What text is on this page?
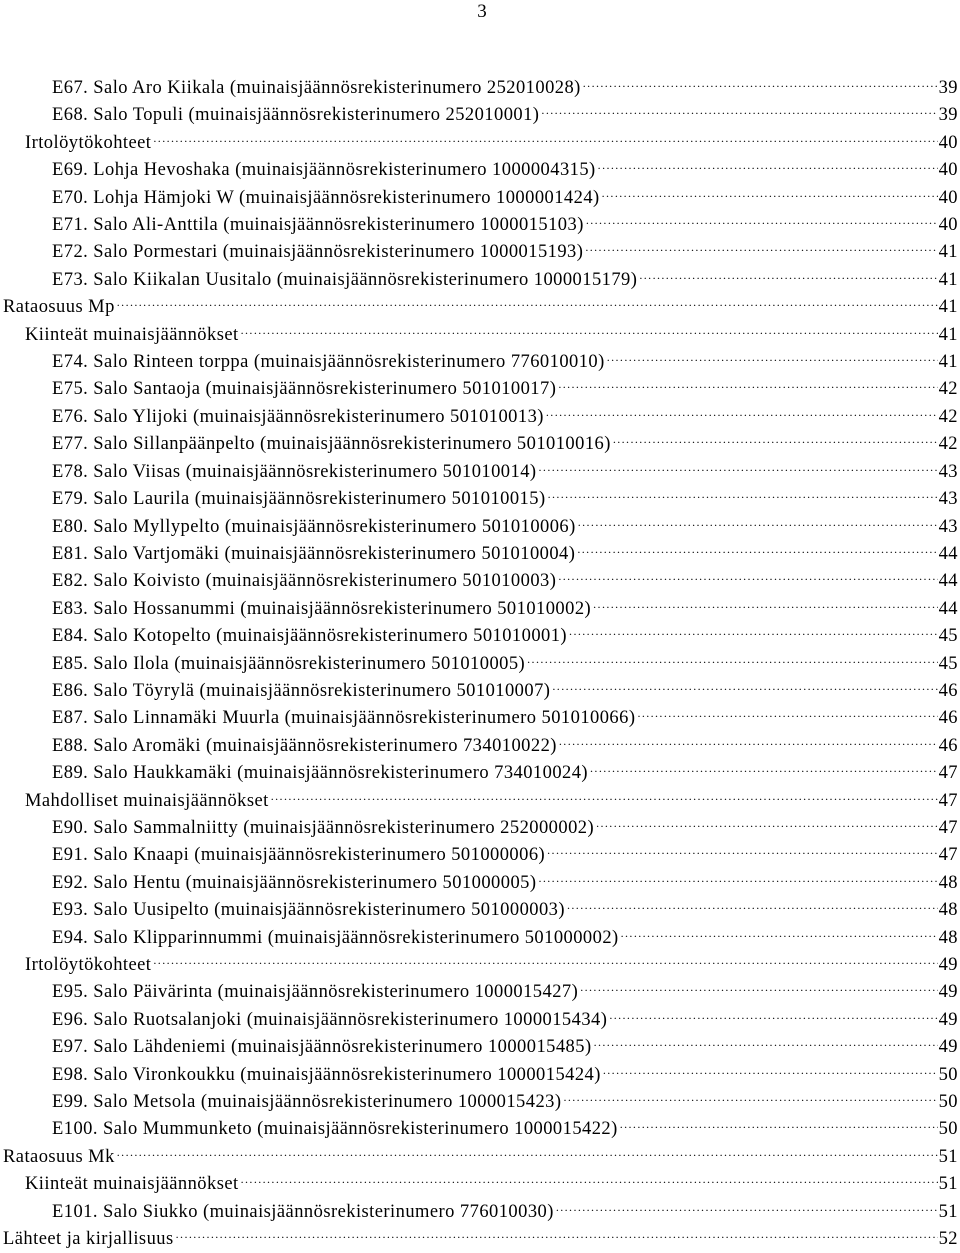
3
E67. Salo Aro Kiikala (muinaisjäännösrekisterinumero 252010028) .....	39
E68. Salo Topuli (muinaisjäännösrekisterinumero 252010001) .....	39
Irtolöytökohteet .....	40
E69. Lohja Hevoshaka (muinaisjäännösrekisterinumero 1000004315) .....	40
E70. Lohja Hämjoki W (muinaisjäännösrekisterinumero 1000001424) .....	40
E71. Salo Ali-Anttila (muinaisjäännösrekisterinumero 1000015103) .....	40
E72. Salo Pormestari (muinaisjäännösrekisterinumero 1000015193) .....	41
E73. Salo Kiikalan Uusitalo (muinaisjäännösrekisterinumero 1000015179) .....	41
Rataosuus Mp .....	41
Kiinteät muinaisjäännökset .....	41
E74. Salo Rinteen torppa (muinaisjäännösrekisterinumero 776010010) .....	41
E75. Salo Santaoja (muinaisjäännösrekisterinumero 501010017) .....	42
E76. Salo Ylijoki (muinaisjäännösrekisterinumero 501010013) .....	42
E77. Salo Sillanpäänpelto (muinaisjäännösrekisterinumero 501010016) .....	42
E78. Salo Viisas (muinaisjäännösrekisterinumero 501010014) .....	43
E79. Salo Laurila (muinaisjäännösrekisterinumero 501010015) .....	43
E80. Salo Myllypelto (muinaisjäännösrekisterinumero 501010006) .....	43
E81. Salo Vartjomäki (muinaisjäännösrekisterinumero 501010004) .....	44
E82. Salo Koivisto (muinaisjäännösrekisterinumero 501010003) .....	44
E83. Salo Hossanummi (muinaisjäännösrekisterinumero 501010002) .....	44
E84. Salo Kotopelto (muinaisjäännösrekisterinumero 501010001) .....	45
E85. Salo Ilola (muinaisjäännösrekisterinumero 501010005) .....	45
E86. Salo Töyrylä (muinaisjäännösrekisterinumero 501010007) .....	46
E87. Salo Linnamäki Muurla (muinaisjäännösrekisterinumero 501010066) .....	46
E88. Salo Aromäki (muinaisjäännösrekisterinumero 734010022) .....	46
E89. Salo Haukkamäki (muinaisjäännösrekisterinumero 734010024) .....	47
Mahdolliset muinaisjäännökset .....	47
E90. Salo Sammalniitty (muinaisjäännösrekisterinumero 252000002) .....	47
E91. Salo Knaapi (muinaisjäännösrekisterinumero 501000006) .....	47
E92. Salo Hentu (muinaisjäännösrekisterinumero 501000005) .....	48
E93. Salo Uusipelto (muinaisjäännösrekisterinumero 501000003) .....	48
E94. Salo Klipparinnummi (muinaisjäännösrekisterinumero 501000002) .....	48
Irtolöytökohteet .....	49
E95. Salo Päivärinta (muinaisjäännösrekisterinumero 1000015427) .....	49
E96. Salo Ruotsalanjoki (muinaisjäännösrekisterinumero 1000015434) .....	49
E97. Salo Lähdeniemi (muinaisjäännösrekisterinumero 1000015485) .....	49
E98. Salo Vironkoukku (muinaisjäännösrekisterinumero 1000015424) .....	50
E99. Salo Metsola (muinaisjäännösrekisterinumero 1000015423) .....	50
E100. Salo Mummunketo (muinaisjäännösrekisterinumero 1000015422) .....	50
Rataosuus Mk .....	51
Kiinteät muinaisjäännökset .....	51
E101. Salo Siukko (muinaisjäännösrekisterinumero 776010030) .....	51
Lähteet ja kirjallisuus .....	52
